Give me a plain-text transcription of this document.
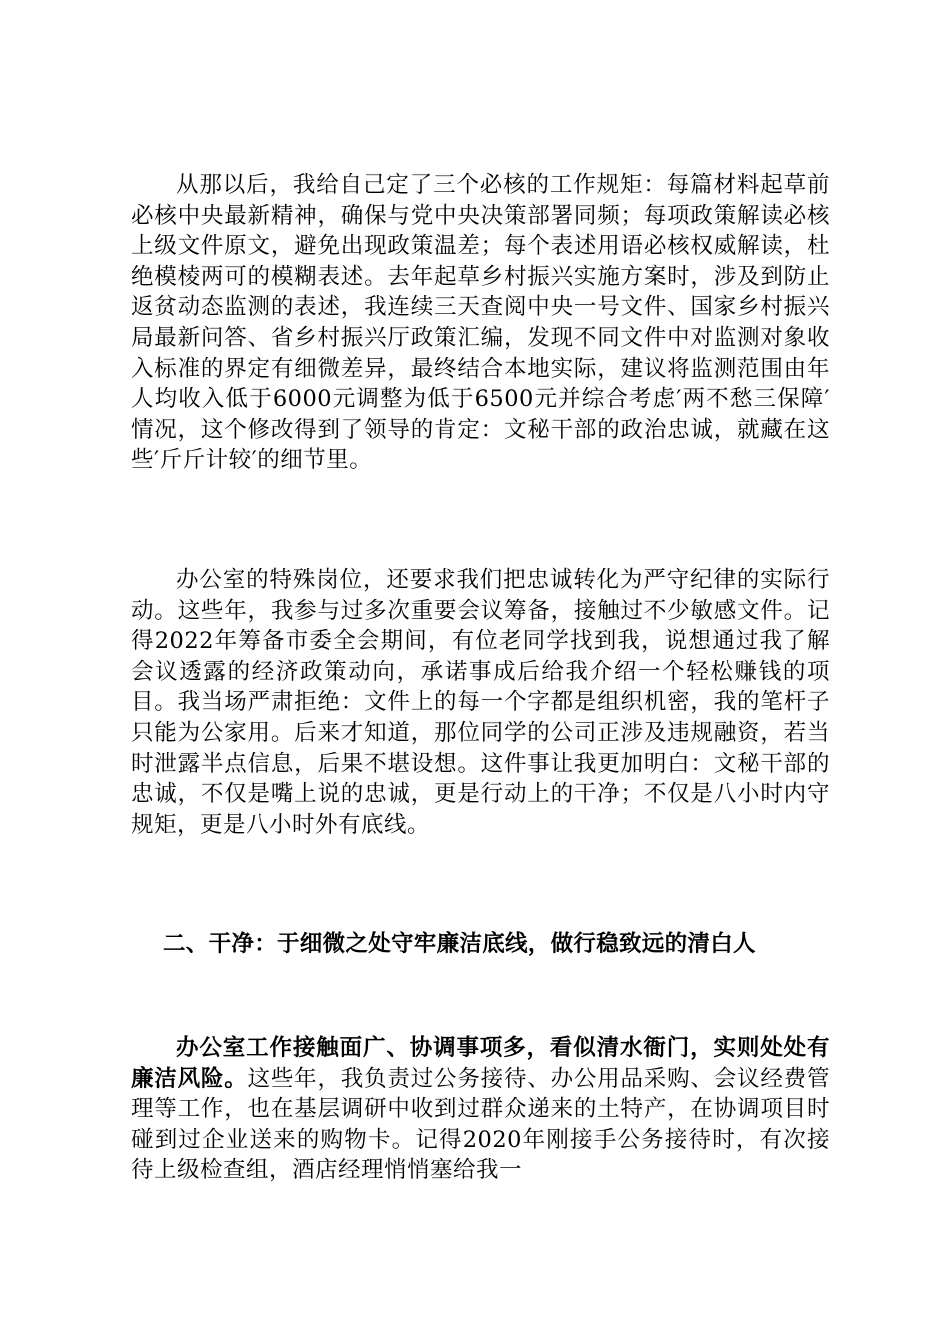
从那以后，我给自己定了三个必核的工作规矩：每篇材料起草前必核中央最新精神，确保与党中央决策部署同频；每项政策解读必核上级文件原文，避免出现政策温差；每个表述用语必核权威解读，杜绝模棱两可的模糊表述。去年起草乡村振兴实施方案时，涉及到防止返贫动态监测的表述，我连续三天查阅中央一号文件、国家乡村振兴局最新问答、省乡村振兴厅政策汇编，发现不同文件中对监测对象收入标准的界定有细微差异，最终结合本地实际，建议将监测范围由年人均收入低于6000元调整为低于6500元并综合考虑′两不愁三保障′情况，这个修改得到了领导的肯定：文秘干部的政治忠诚，就藏在这些′斤斤计较′的细节里。

办公室的特殊岗位，还要求我们把忠诚转化为严守纪律的实际行动。这些年，我参与过多次重要会议筹备，接触过不少敏感文件。记得2022年筹备市委全会期间，有位老同学找到我，说想通过我了解会议透露的经济政策动向，承诺事成后给我介绍一个轻松赚钱的项目。我当场严肃拒绝：文件上的每一个字都是组织机密，我的笔杆子只能为公家用。后来才知道，那位同学的公司正涉及违规融资，若当时泄露半点信息，后果不堪设想。这件事让我更加明白：文秘干部的忠诚，不仅是嘴上说的忠诚，更是行动上的干净；不仅是八小时内守规矩，更是八小时外有底线。

二、干净：于细微之处守牢廉洁底线，做行稳致远的清白人

办公室工作接触面广、协调事项多，看似清水衙门，实则处处有廉洁风险。这些年，我负责过公务接待、办公用品采购、会议经费管理等工作，也在基层调研中收到过群众递来的土特产，在协调项目时碰到过企业送来的购物卡。记得2020年刚接手公务接待时，有次接待上级检查组，酒店经理悄悄塞给我一
